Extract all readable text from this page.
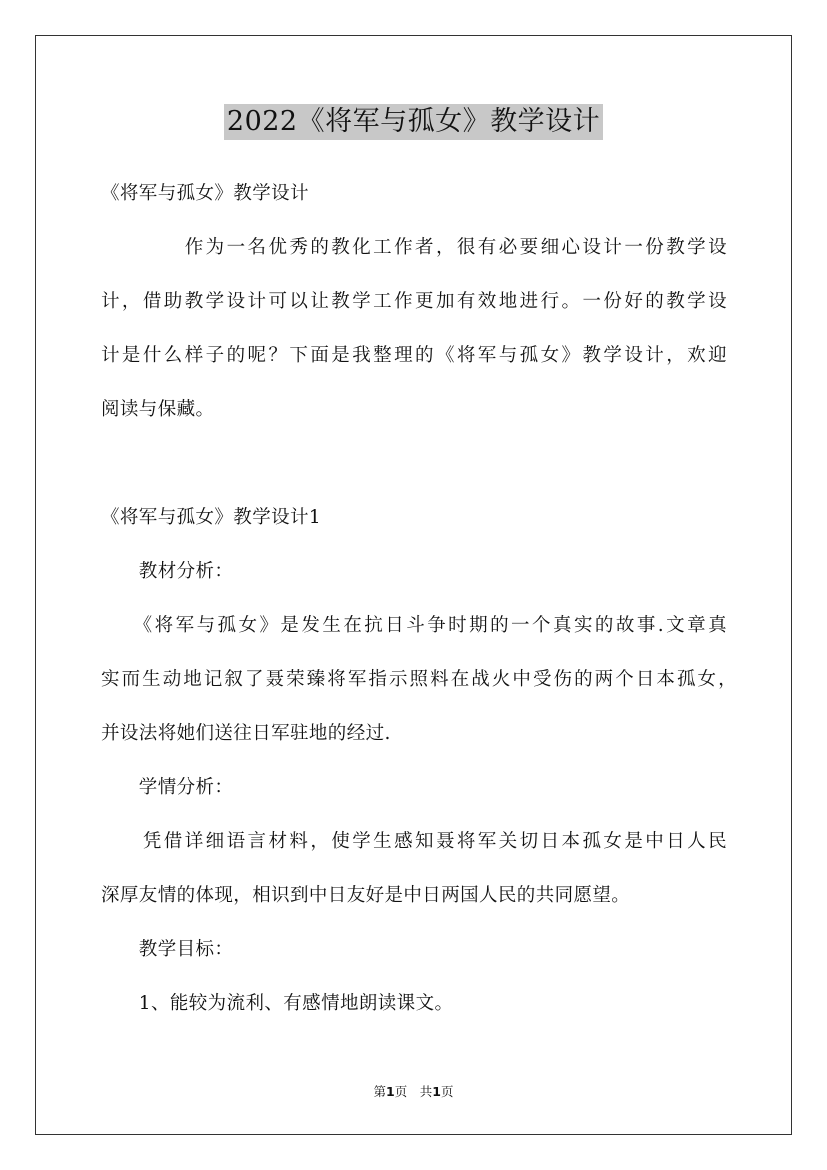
2022《将军与孤女》教学设计
《将军与孤女》教学设计
　　　　作为一名优秀的教化工作者，很有必要细心设计一份教学设
计，借助教学设计可以让教学工作更加有效地进行。一份好的教学设
计是什么样子的呢？下面是我整理的《将军与孤女》教学设计，欢迎
阅读与保藏。
《将军与孤女》教学设计1
　　教材分析：
　　《将军与孤女》是发生在抗日斗争时期的一个真实的故事.文章真
实而生动地记叙了聂荣臻将军指示照料在战火中受伤的两个日本孤女，
并设法将她们送往日军驻地的经过.
　　学情分析：
　　凭借详细语言材料，使学生感知聂将军关切日本孤女是中日人民
深厚友情的体现，相识到中日友好是中日两国人民的共同愿望。
　　教学目标：
　　1、能较为流利、有感情地朗读课文。
第1页　共1页
